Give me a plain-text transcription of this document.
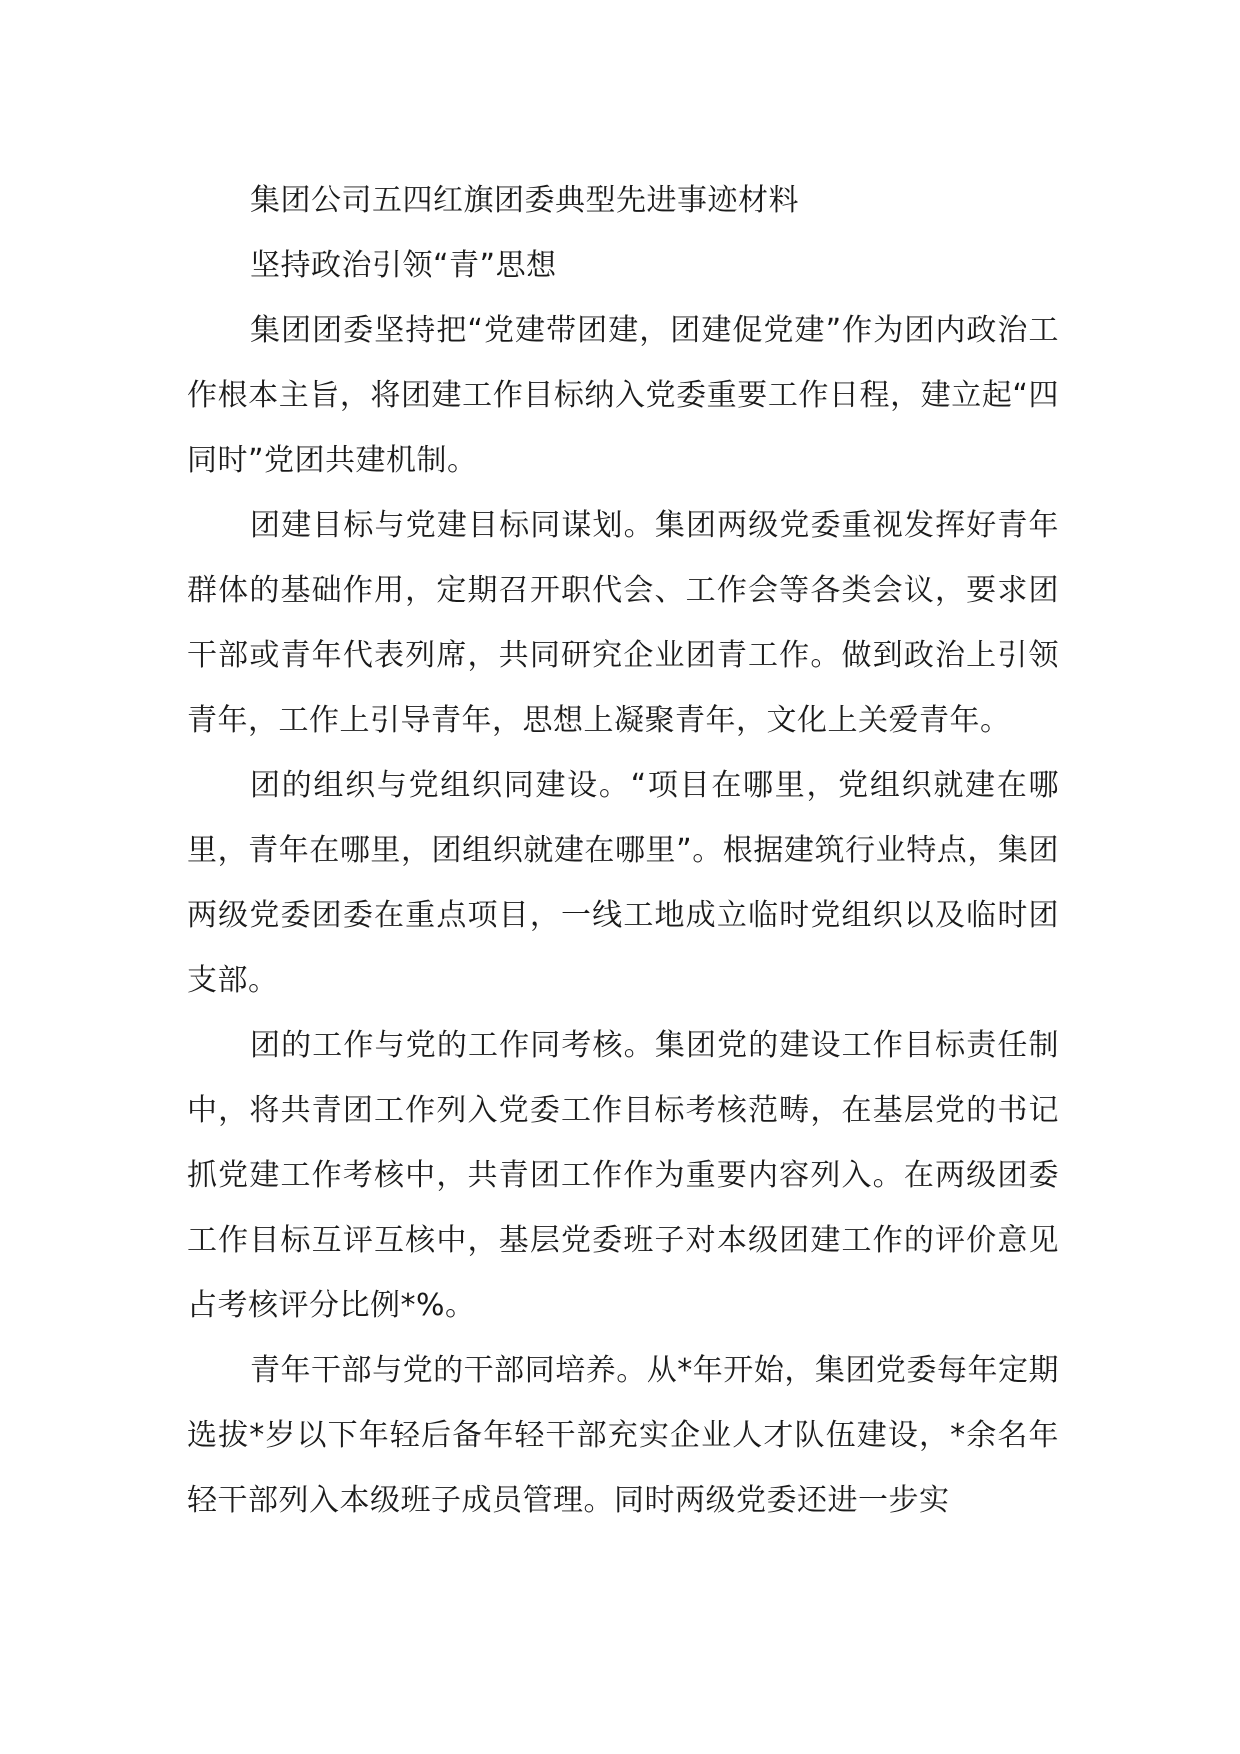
集团公司五四红旗团委典型先进事迹材料

坚持政治引领“青”思想

集团团委坚持把“党建带团建，团建促党建”作为团内政治工作根本主旨，将团建工作目标纳入党委重要工作日程，建立起“四同时”党团共建机制。

团建目标与党建目标同谋划。集团两级党委重视发挥好青年群体的基础作用，定期召开职代会、工作会等各类会议，要求团干部或青年代表列席，共同研究企业团青工作。做到政治上引领青年，工作上引导青年，思想上凝聚青年，文化上关爱青年。

团的组织与党组织同建设。“项目在哪里，党组织就建在哪里，青年在哪里，团组织就建在哪里”。根据建筑行业特点，集团两级党委团委在重点项目，一线工地成立临时党组织以及临时团支部。

团的工作与党的工作同考核。集团党的建设工作目标责任制中，将共青团工作列入党委工作目标考核范畴，在基层党的书记抓党建工作考核中，共青团工作作为重要内容列入。在两级团委工作目标互评互核中，基层党委班子对本级团建工作的评价意见占考核评分比例*%。

青年干部与党的干部同培养。从*年开始，集团党委每年定期选拔*岁以下年轻后备年轻干部充实企业人才队伍建设，*余名年轻干部列入本级班子成员管理。同时两级党委还进一步实
